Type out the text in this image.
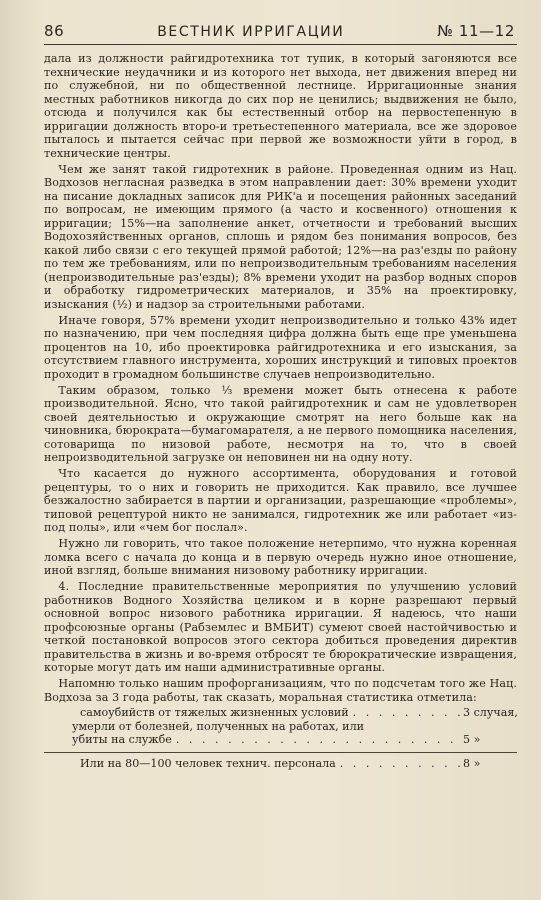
86	ВЕСТНИК ИРРИГАЦИИ	№ 11—12

дала из должности райгидротехника тот тупик, в который загоняются все технические неудачники и из которого нет выхода, нет движения вперед ни по служебной, ни по общественной лестнице. Ирригационные знания местных работников никогда до сих пор не ценились; выдвижения не было, отсюда и получился как бы естественный отбор на первостепенную в ирригации должность второ-и третьестепенного материала, все же здоровое пыталось и пытается сейчас при первой же возможности уйти в город, в технические центры.

Чем же занят такой гидротехник в районе. Проведенная одним из Нац. Водхозов негласная разведка в этом направлении дает: 30% времени уходит на писание докладных записок для РИК'а и посещения районных заседаний по вопросам, не имеющим прямого (а часто и косвенного) отношения к ирригации; 15%—на заполнение анкет, отчетности и требований высших Водохозяйственных органов, сплошь и рядом без понимания вопросов, без какой либо связи с его текущей прямой работой; 12%—на раз'езды по району по тем же требованиям, или по непроизводительным требованиям населения (непроизводительные раз'езды); 8% времени уходит на разбор водных споров и обработку гидрометрических материалов, и 35% на проектировку, изыскания (½) и надзор за строительными работами.

Иначе говоря, 57% времени уходит непроизводительно и только 43% идет по назначению, при чем последняя цифра должна быть еще пре уменьшена процентов на 10, ибо проектировка райгидротехника и его изыскания, за отсутствием главного инструмента, хороших инструкций и типовых проектов проходит в громадном большинстве случаев непроизводительно.

Таким образом, только ⅓ времени может быть отнесена к работе производительной. Ясно, что такой райгидротехник и сам не удовлетворен своей деятельностью и окружающие смотрят на него больше как на чиновника, бюрократа—бумагомарателя, а не первого помощника населения, сотоварища по низовой работе, несмотря на то, что в своей непроизводительной загрузке он неповинен ни на одну ноту.

Что касается до нужного ассортимента, оборудования и готовой рецептуры, то о них и говорить не приходится. Как правило, все лучшее безжалостно забирается в партии и организации, разрешающие «проблемы», типовой рецептурой никто не занимался, гидротехник же или работает «из-под полы», или «чем бог послал».

Нужно ли говорить, что такое положение нетерпимо, что нужна коренная ломка всего с начала до конца и в первую очередь нужно иное отношение, иной взгляд, больше внимания низовому работнику ирригации.

4. Последние правительственные мероприятия по улучшению условий работников Водного Хозяйства целиком и в корне разрешают первый основной вопрос низового работника ирригации. Я надеюсь, что наши профсоюзные органы (Рабземлес и ВМБИТ) сумеют своей настойчивостью и четкой постановкой вопросов этого сектора добиться проведения директив правительства в жизнь и во-время отбросят те бюрократические извращения, которые могут дать им наши административные органы.

Напомню только нашим профорганизациям, что по подсчетам того же Нац. Водхоза за 3 года работы, так сказать, моральная статистика отметила:

самоубийств от тяжелых жизненных условий . . .	3 случая,
умерли от болезней, полученных на работах, или
убиты на службе . . .	5 »
Или на 80—100 человек технич. персонала . . .	8 »
